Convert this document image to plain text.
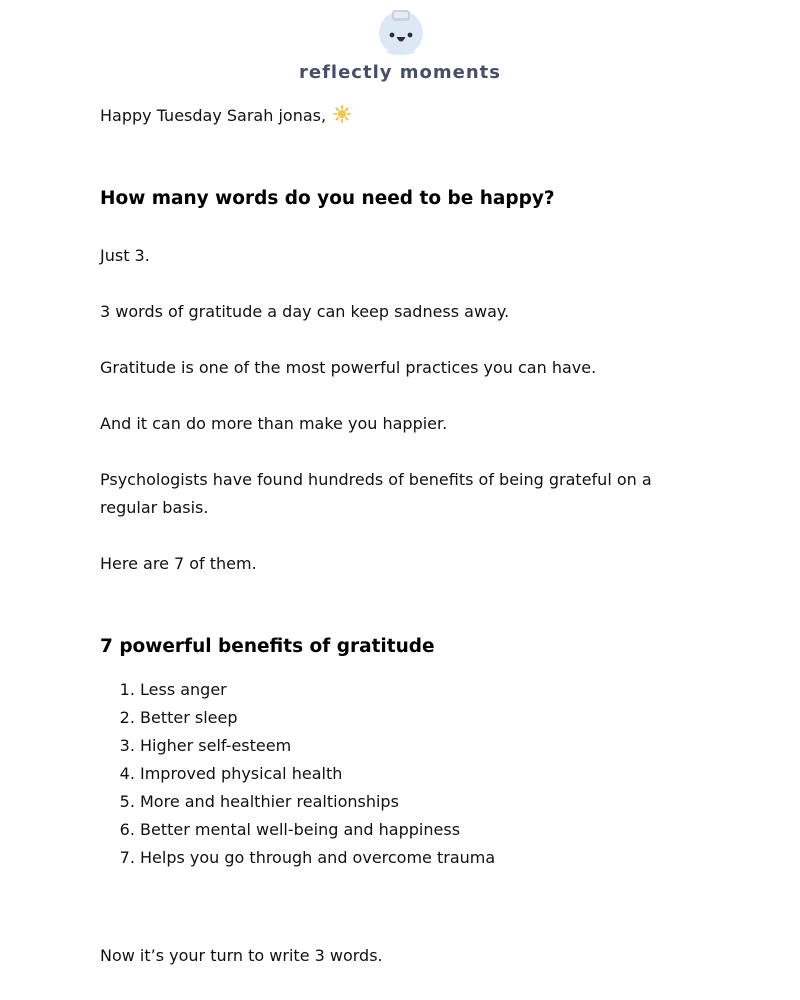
reflectly moments

Happy Tuesday Sarah jonas,

How many words do you need to be happy?

Just 3.

3 words of gratitude a day can keep sadness away.

Gratitude is one of the most powerful practices you can have.

And it can do more than make you happier.

Psychologists have found hundreds of benefits of being grateful on a regular basis.

Here are 7 of them.

7 powerful benefits of gratitude
1. Less anger
2. Better sleep
3. Higher self-esteem
4. Improved physical health
5. More and healthier realtionships
6. Better mental well-being and happiness
7. Helps you go through and overcome trauma

Now it’s your turn to write 3 words.
